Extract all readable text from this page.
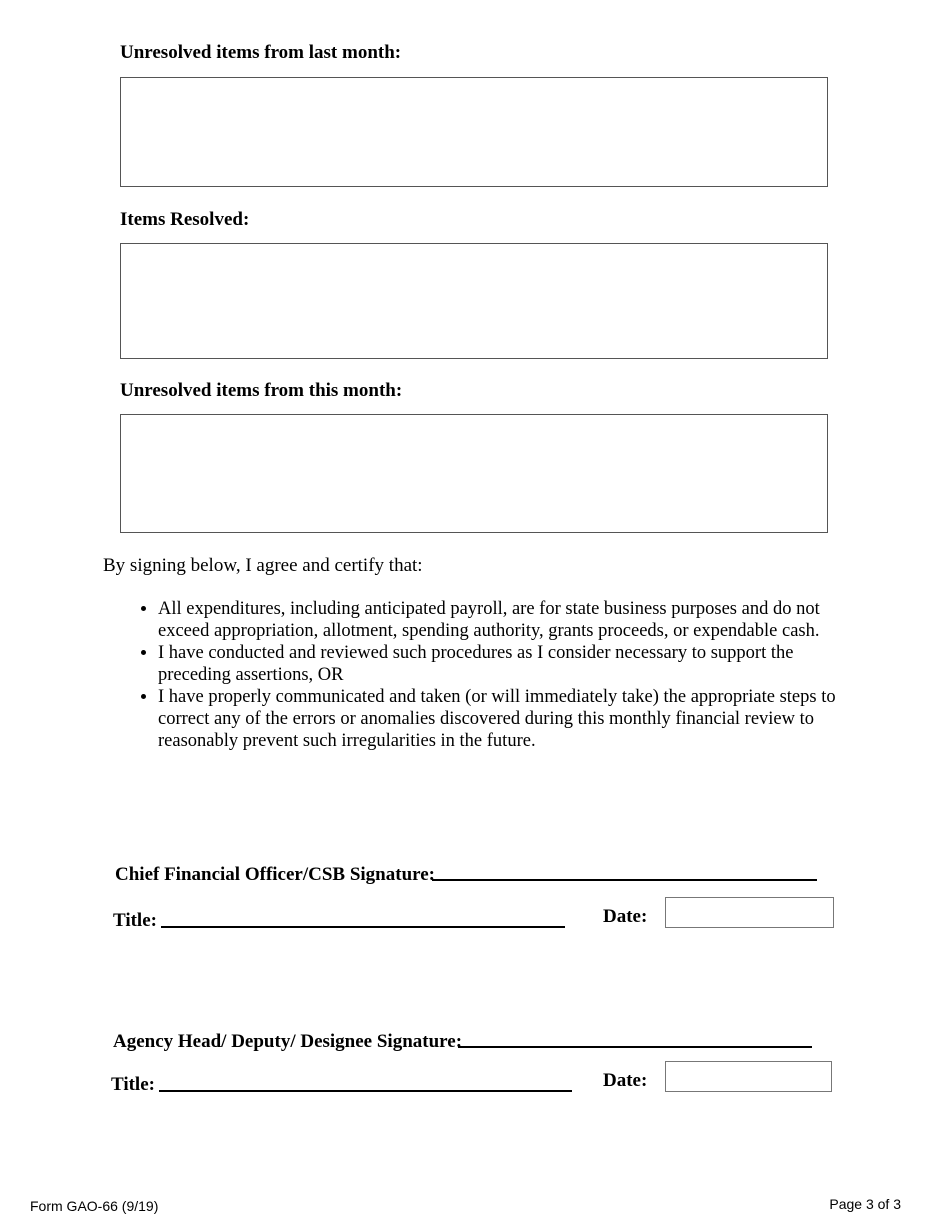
Unresolved items from last month:
Items Resolved:
Unresolved items from this month:
By signing below, I agree and certify that:
• All expenditures, including anticipated payroll, are for state business purposes and do not exceed appropriation, allotment, spending authority, grants proceeds, or expendable cash.
• I have conducted and reviewed such procedures as I consider necessary to support the preceding assertions, OR
• I have properly communicated and taken (or will immediately take) the appropriate steps to correct any of the errors or anomalies discovered during this monthly financial review to reasonably prevent such irregularities in the future.
Chief Financial Officer/CSB Signature:
Title:	Date:
Agency Head/ Deputy/ Designee Signature:
Title:	Date:
Form GAO-66 (9/19)	Page 3 of 3
